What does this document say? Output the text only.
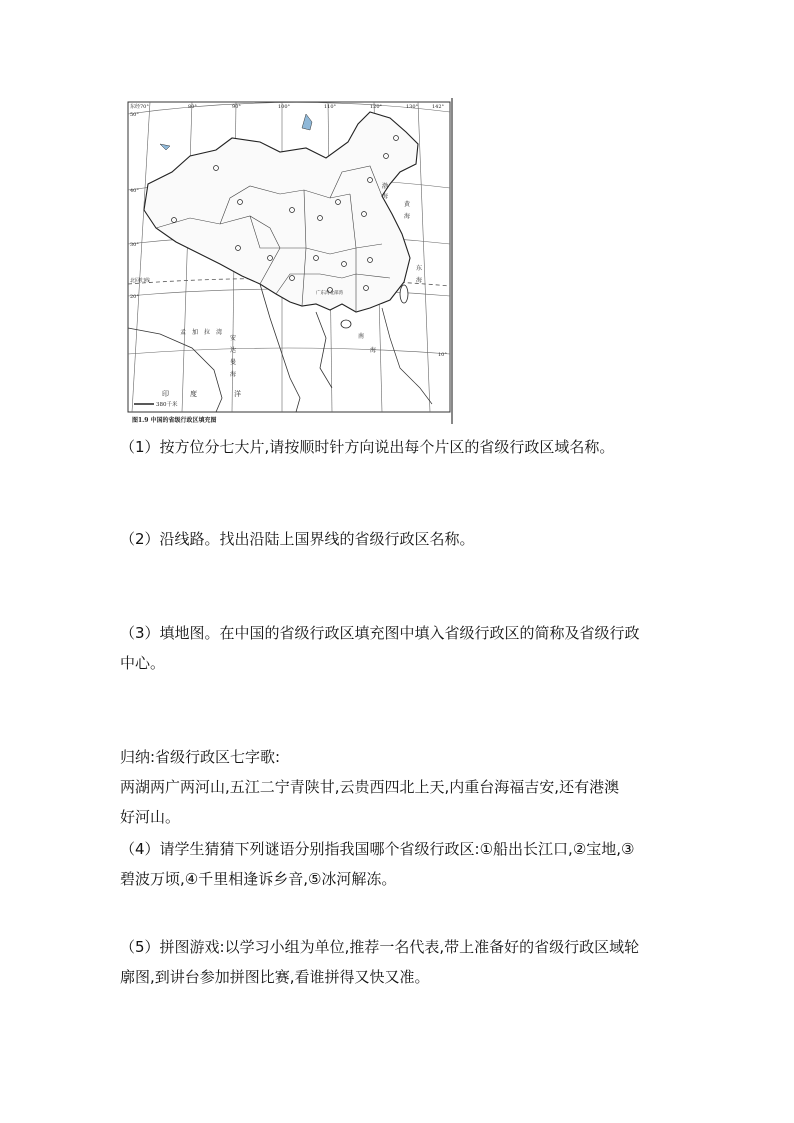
东经70°	80°	90°	100°	110°	120°	130°	142°
50°
40°
30°
20°
10°
北回归线
广东湾北部湾
孟 加 拉 湾
安
达
曼
海
印	度	洋
东
海
南
海
黄
海
渤
海
380千米
图1.9 中国的省级行政区填充图

（1）按方位分七大片,请按顺时针方向说出每个片区的省级行政区域名称。

（2）沿线路。找出沿陆上国界线的省级行政区名称。

（3）填地图。在中国的省级行政区填充图中填入省级行政区的简称及省级行政
中心。

归纳:省级行政区七字歌:
两湖两广两河山,五江二宁青陕甘,云贵西四北上天,内重台海福吉安,还有港澳
好河山。

（4）请学生猜猜下列谜语分别指我国哪个省级行政区:①船出长江口,②宝地,③
碧波万顷,④千里相逢诉乡音,⑤冰河解冻。

（5）拼图游戏:以学习小组为单位,推荐一名代表,带上准备好的省级行政区域轮
廓图,到讲台参加拼图比赛,看谁拼得又快又准。
